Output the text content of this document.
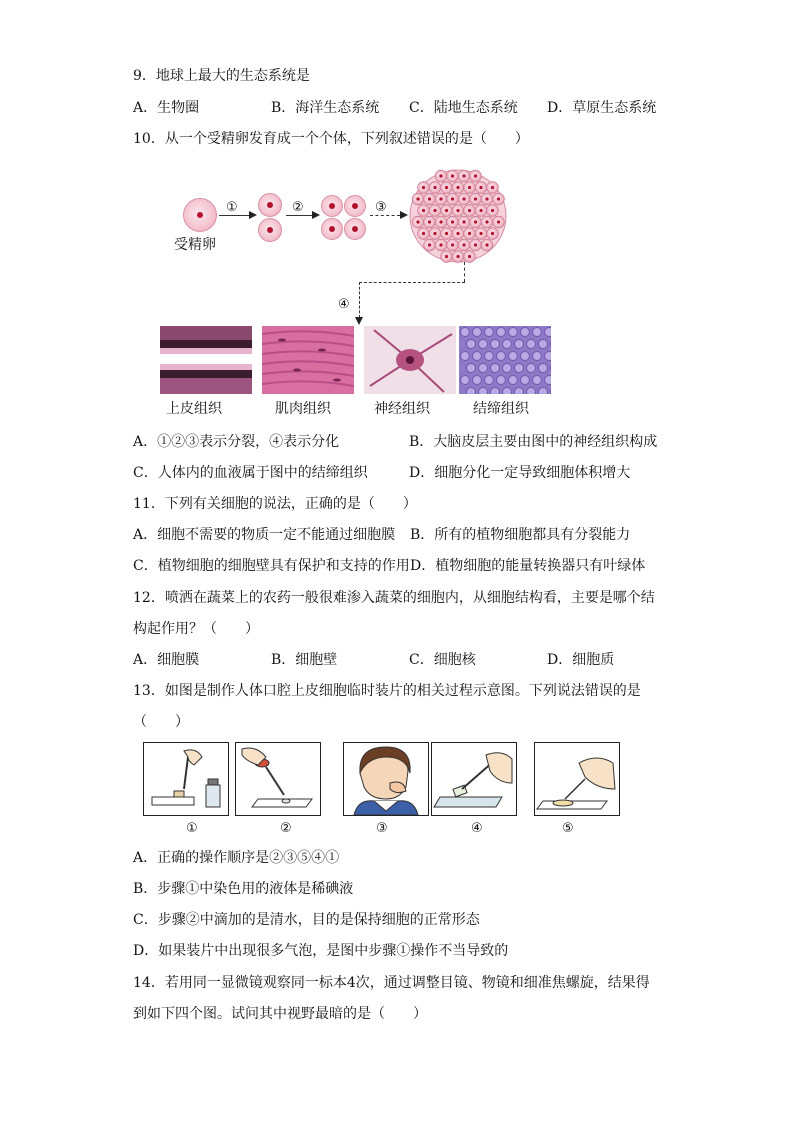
9．地球上最大的生态系统是
A．生物圈	B．海洋生态系统 C．陆地生态系统 D．草原生态系统
10．从一个受精卵发育成一个个体，下列叙述错误的是（　　）
受精卵
①	②	③
④
上皮组织	肌肉组织	神经组织	结缔组织
A．①②③表示分裂，④表示分化	B．大脑皮层主要由图中的神经组织构成
C．人体内的血液属于图中的结缔组织	D．细胞分化一定导致细胞体积增大
11．下列有关细胞的说法，正确的是（　　）
A．细胞不需要的物质一定不能通过细胞膜 B．所有的植物细胞都具有分裂能力
C．植物细胞的细胞壁具有保护和支持的作用 D．植物细胞的能量转换器只有叶绿体
12．喷洒在蔬菜上的农药一般很难渗入蔬菜的细胞内，从细胞结构看，主要是哪个结
构起作用？（　　）
A．细胞膜	B．细胞壁	C．细胞核	D．细胞质
13．如图是制作人体口腔上皮细胞临时装片的相关过程示意图。下列说法错误的是
（　　）
①	②	③	④	⑤
A．正确的操作顺序是②③⑤④①
B．步骤①中染色用的液体是稀碘液
C．步骤②中滴加的是清水，目的是保持细胞的正常形态
D．如果装片中出现很多气泡，是图中步骤①操作不当导致的
14．若用同一显微镜观察同一标本4次，通过调整目镜、物镜和细准焦螺旋，结果得
到如下四个图。试问其中视野最暗的是（　　）
